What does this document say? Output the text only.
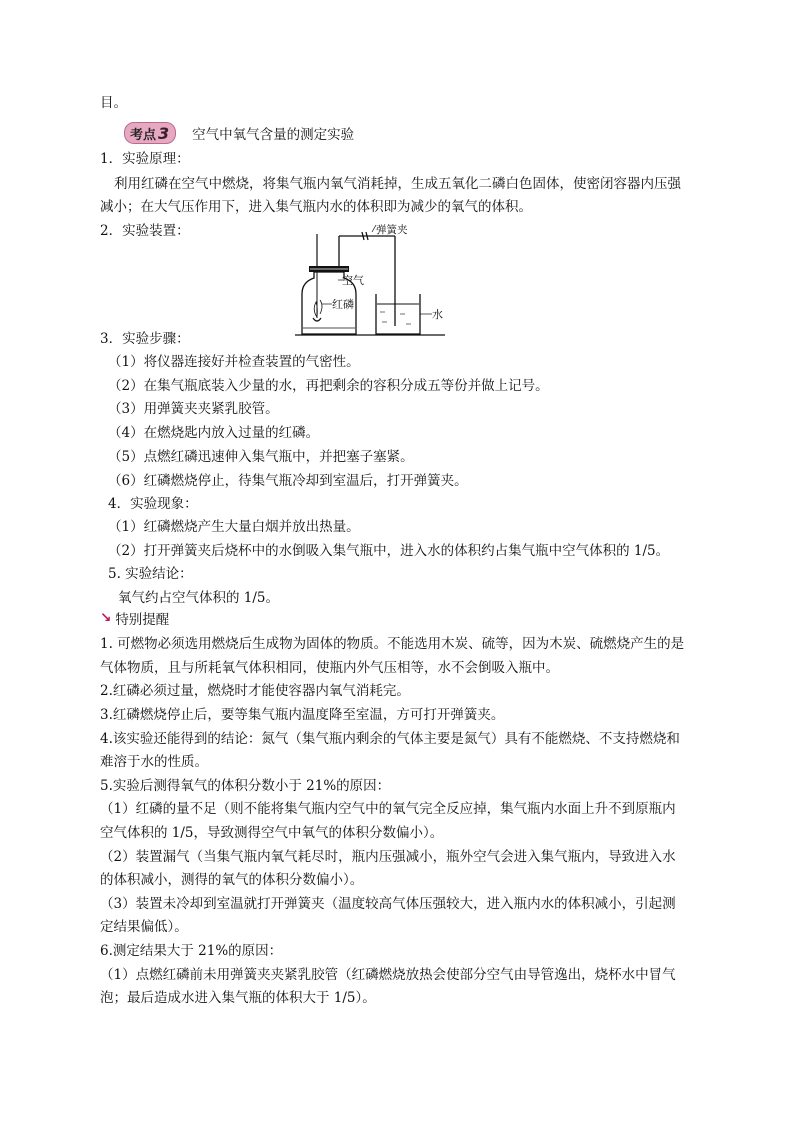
目。
考点 3 空气中氧气含量的测定实验
1．实验原理：
利用红磷在空气中燃烧，将集气瓶内氧气消耗掉，生成五氧化二磷白色固体，使密闭容器内压强
减小；在大气压作用下，进入集气瓶内水的体积即为减少的氧气的体积。
2．实验装置：	弹簧夹
空气
红磷
水
3．实验步骤：
（1）将仪器连接好并检查装置的气密性。
（2）在集气瓶底装入少量的水，再把剩余的容积分成五等份并做上记号。
（3）用弹簧夹夹紧乳胶管。
（4）在燃烧匙内放入过量的红磷。
（5）点燃红磷迅速伸入集气瓶中，并把塞子塞紧。
（6）红磷燃烧停止，待集气瓶冷却到室温后，打开弹簧夹。
4．实验现象：
（1）红磷燃烧产生大量白烟并放出热量。
（2）打开弹簧夹后烧杯中的水倒吸入集气瓶中，进入水的体积约占集气瓶中空气体积的 1/5。
5. 实验结论：
氧气约占空气体积的 1/5。
↘ 特别提醒
1. 可燃物必须选用燃烧后生成物为固体的物质。不能选用木炭、硫等，因为木炭、硫燃烧产生的是
气体物质，且与所耗氧气体积相同，使瓶内外气压相等，水不会倒吸入瓶中。
2.红磷必须过量，燃烧时才能使容器内氧气消耗完。
3.红磷燃烧停止后，要等集气瓶内温度降至室温，方可打开弹簧夹。
4.该实验还能得到的结论：氮气（集气瓶内剩余的气体主要是氮气）具有不能燃烧、不支持燃烧和
难溶于水的性质。
5.实验后测得氧气的体积分数小于 21%的原因：
（1）红磷的量不足（则不能将集气瓶内空气中的氧气完全反应掉，集气瓶内水面上升不到原瓶内
空气体积的 1/5，导致测得空气中氧气的体积分数偏小）。
（2）装置漏气（当集气瓶内氧气耗尽时，瓶内压强减小，瓶外空气会进入集气瓶内，导致进入水
的体积减小，测得的氧气的体积分数偏小）。
（3）装置未冷却到室温就打开弹簧夹（温度较高气体压强较大，进入瓶内水的体积减小，引起测
定结果偏低）。
6.测定结果大于 21%的原因：
（1）点燃红磷前未用弹簧夹夹紧乳胶管（红磷燃烧放热会使部分空气由导管逸出，烧杯水中冒气
泡；最后造成水进入集气瓶的体积大于 1/5）。
